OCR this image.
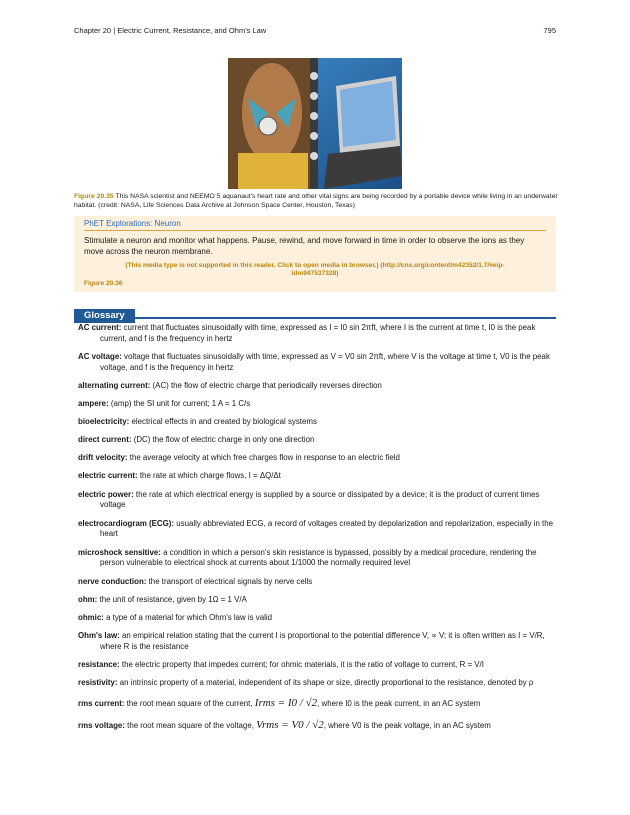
Chapter 20 | Electric Current, Resistance, and Ohm's Law	795
Figure 20.35 This NASA scientist and NEEMO 5 aquanaut's heart rate and other vital signs are being recorded by a portable device while living in an underwater habitat. (credit: NASA, Life Sciences Data Archive at Johnson Space Center, Houston, Texas)
PhET Explorations: Neuron
Stimulate a neuron and monitor what happens. Pause, rewind, and move forward in time in order to observe the ions as they move across the neuron membrane.
(This media type is not supported in this reader. Click to open media in browser.) (http://cnx.org/content/m42352/1.7/#eip-idm947537328)
Figure 20.36
Glossary
AC current: current that fluctuates sinusoidally with time, expressed as I = I0 sin 2πft, where I is the current at time t, I0 is the peak current, and f is the frequency in hertz
AC voltage: voltage that fluctuates sinusoidally with time, expressed as V = V0 sin 2πft, where V is the voltage at time t, V0 is the peak voltage, and f is the frequency in hertz
alternating current: (AC) the flow of electric charge that periodically reverses direction
ampere: (amp) the SI unit for current; 1 A = 1 C/s
bioelectricity: electrical effects in and created by biological systems
direct current: (DC) the flow of electric charge in only one direction
drift velocity: the average velocity at which free charges flow in response to an electric field
electric current: the rate at which charge flows, I = ΔQ/Δt
electric power: the rate at which electrical energy is supplied by a source or dissipated by a device; it is the product of current times voltage
electrocardiogram (ECG): usually abbreviated ECG, a record of voltages created by depolarization and repolarization, especially in the heart
microshock sensitive: a condition in which a person's skin resistance is bypassed, possibly by a medical procedure, rendering the person vulnerable to electrical shock at currents about 1/1000 the normally required level
nerve conduction: the transport of electrical signals by nerve cells
ohm: the unit of resistance, given by 1Ω = 1 V/A
ohmic: a type of a material for which Ohm's law is valid
Ohm's law: an empirical relation stating that the current I is proportional to the potential difference V, ∝ V; it is often written as I = V/R, where R is the resistance
resistance: the electric property that impedes current; for ohmic materials, it is the ratio of voltage to current, R = V/I
resistivity: an intrinsic property of a material, independent of its shape or size, directly proportional to the resistance, denoted by ρ
rms current: the root mean square of the current, Irms = I0 / √2, where I0 is the peak current, in an AC system
rms voltage: the root mean square of the voltage, Vrms = V0 / √2, where V0 is the peak voltage, in an AC system
